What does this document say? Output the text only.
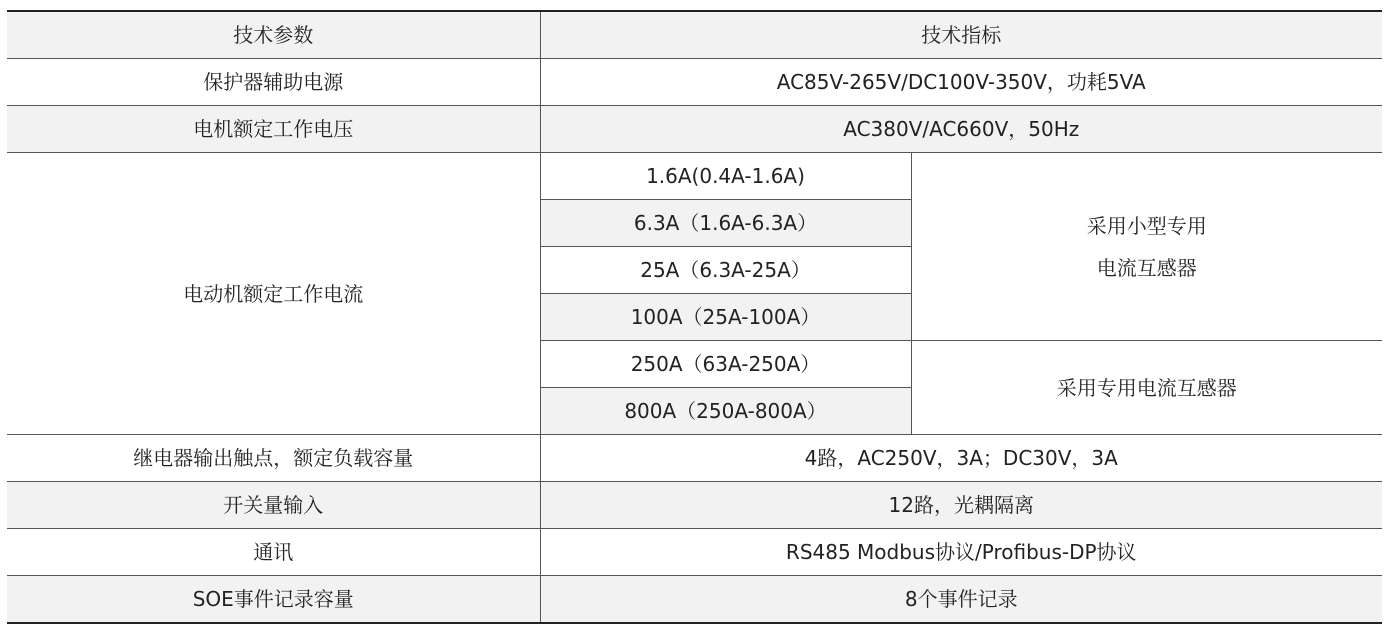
技术参数	技术指标	
保护器辅助电源	AC85V-265V/DC100V-350V，功耗5VA	
电机额定工作电压	AC380V/AC660V，50Hz	
电动机额定工作电流	1.6A(0.4A-1.6A)	采用小型专用
电流互感器

	6.3A（1.6A-6.3A）	
	25A（6.3A-25A）	
	100A（25A-100A）	
	250A（63A-250A）	采用专用电流互感器
	800A（250A-800A）	
继电器输出触点，额定负载容量	4路，AC250V，3A；DC30V，3A	
开关量输入	12路，光耦隔离	
通讯	RS485 Modbus协议/Profibus-DP协议	
SOE事件记录容量	8个事件记录	
